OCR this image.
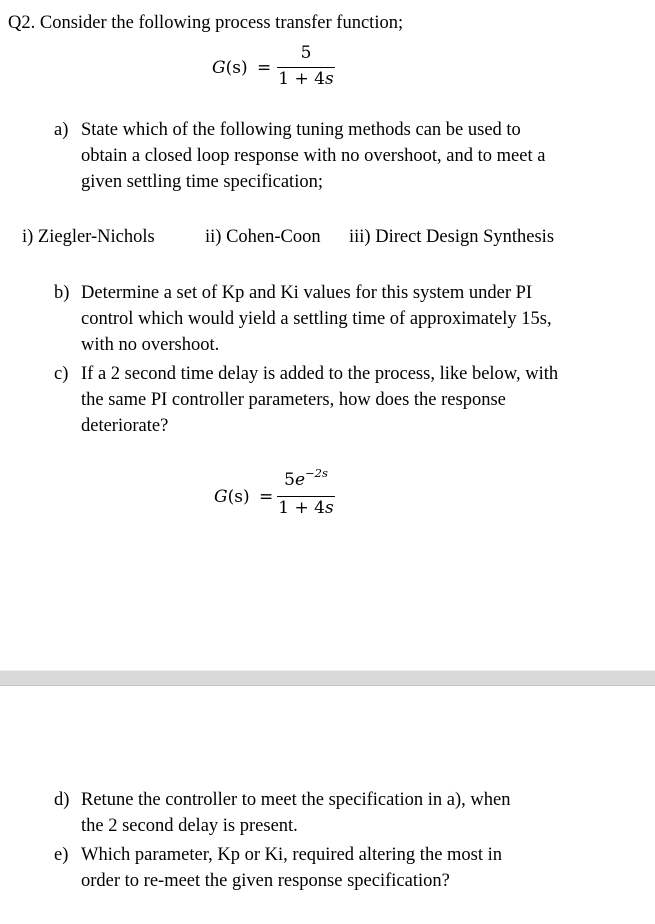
Q2. Consider the following process transfer function;
G(s) =
5
1 + 4s
a) State which of the following tuning methods can be used to
obtain a closed loop response with no overshoot, and to meet a
given settling time specification;
i) Ziegler-Nichols	ii) Cohen-Coon iii) Direct Design Synthesis
b) Determine a set of Kp and Ki values for this system under PI
control which would yield a settling time of approximately 15s,
with no overshoot.
c) If a 2 second time delay is added to the process, like below, with
the same PI controller parameters, how does the response
deteriorate?
G(s) =
$5e^{-2s}$
1 + 4s
d) Retune the controller to meet the specification in a), when
the 2 second delay is present.
e) Which parameter, Kp or Ki, required altering the most in
order to re-meet the given response specification?
